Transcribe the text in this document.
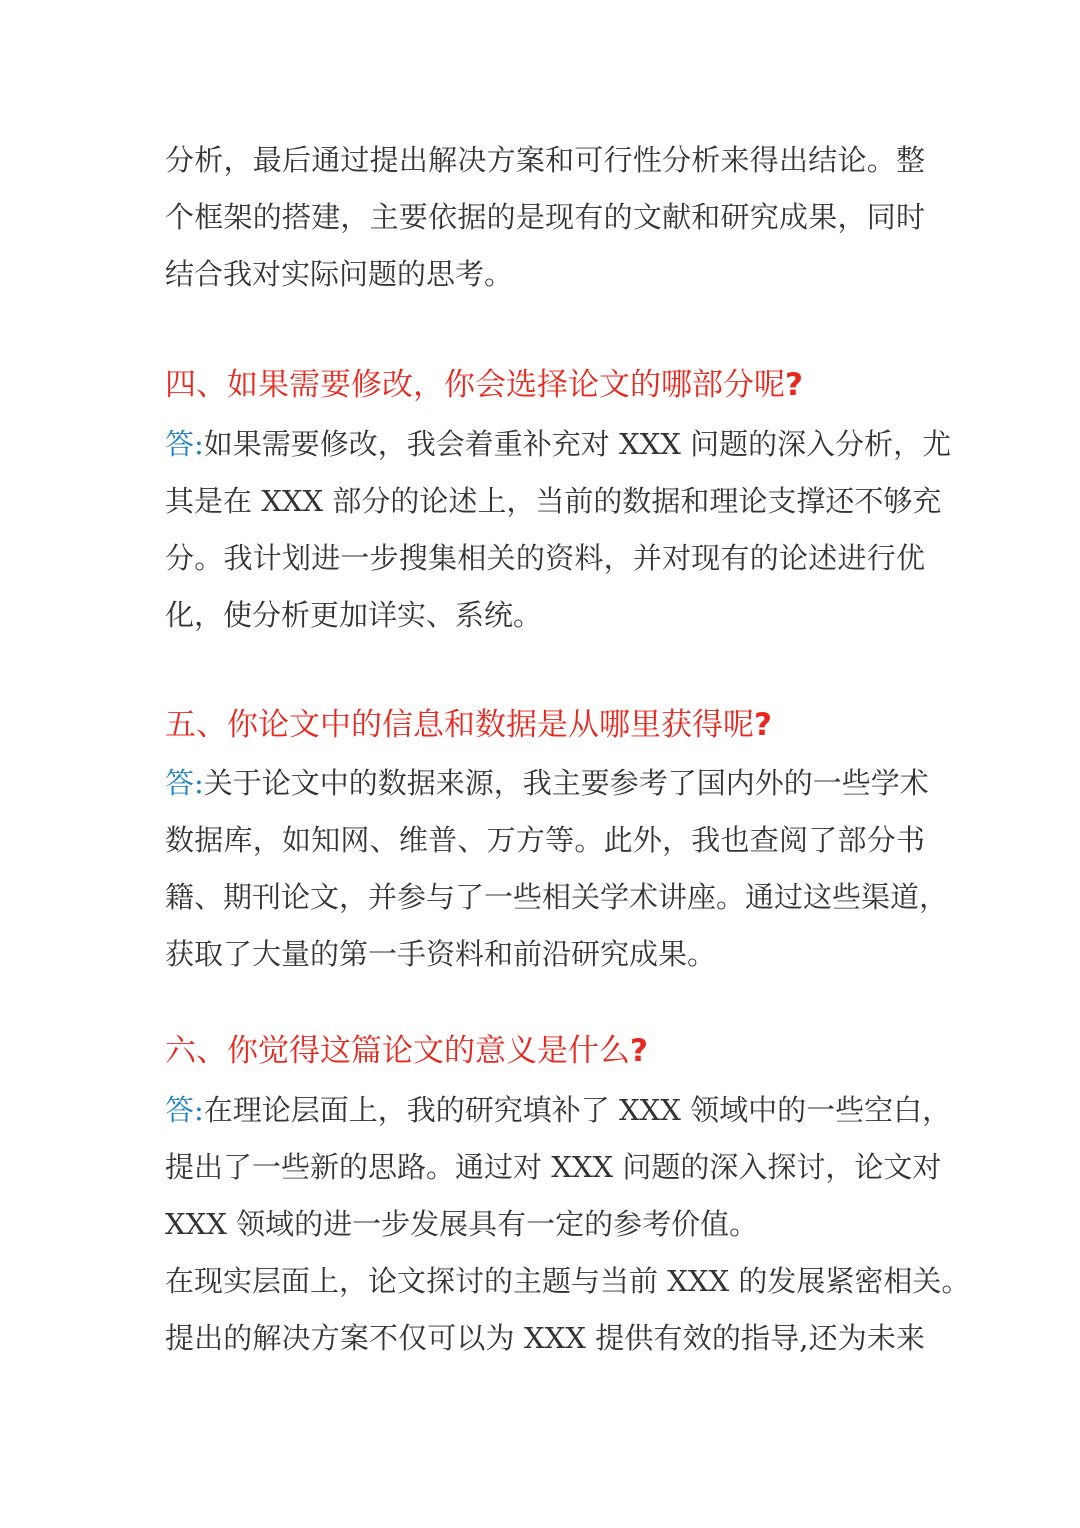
分析，最后通过提出解决方案和可行性分析来得出结论。整
个框架的搭建，主要依据的是现有的文献和研究成果，同时
结合我对实际问题的思考。
四、如果需要修改，你会选择论文的哪部分呢?
答:如果需要修改，我会着重补充对 XXX 问题的深入分析，尤
其是在 XXX 部分的论述上，当前的数据和理论支撑还不够充
分。我计划进一步搜集相关的资料，并对现有的论述进行优
化，使分析更加详实、系统。
五、你论文中的信息和数据是从哪里获得呢?
答:关于论文中的数据来源，我主要参考了国内外的一些学术
数据库，如知网、维普、万方等。此外，我也查阅了部分书
籍、期刊论文，并参与了一些相关学术讲座。通过这些渠道，
获取了大量的第一手资料和前沿研究成果。
六、你觉得这篇论文的意义是什么?
答:在理论层面上，我的研究填补了 XXX 领域中的一些空白，
提出了一些新的思路。通过对 XXX 问题的深入探讨，论文对
XXX 领域的进一步发展具有一定的参考价值。
在现实层面上，论文探讨的主题与当前 XXX 的发展紧密相关。
提出的解决方案不仅可以为 XXX 提供有效的指导,还为未来
